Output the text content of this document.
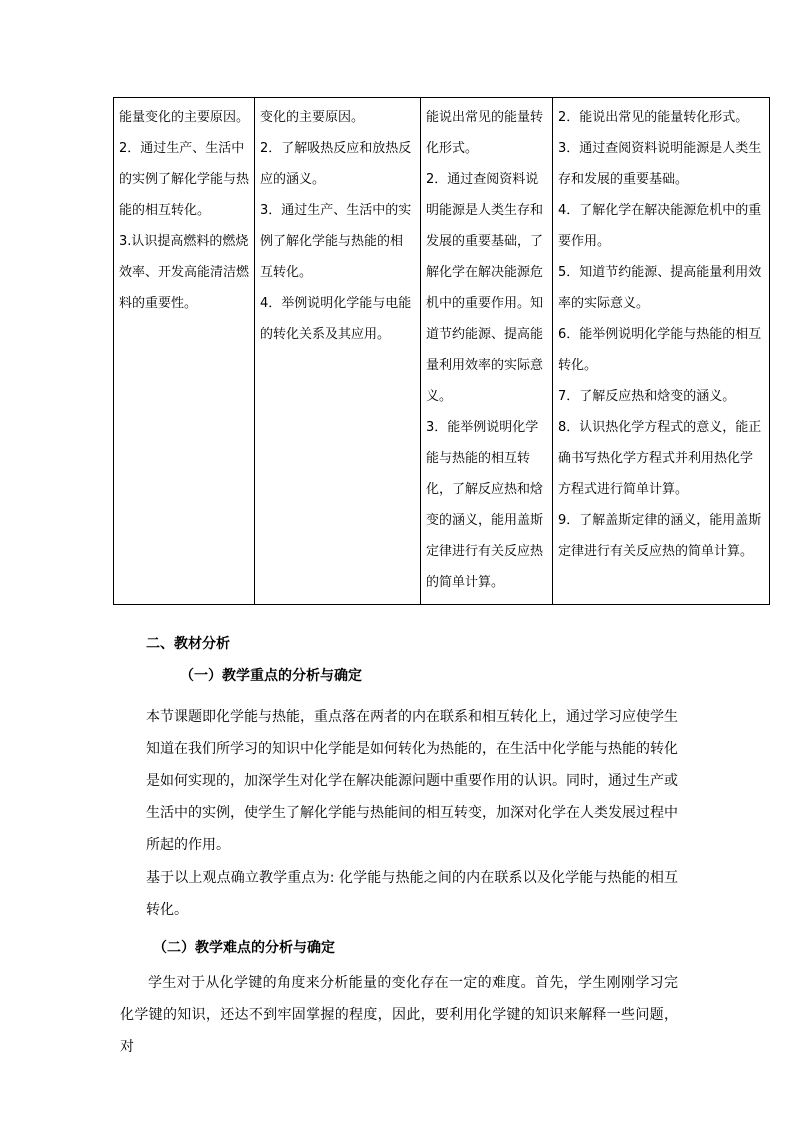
能量变化的主要原因。
2．通过生产、生活中的实例了解化学能与热能的相互转化。
3.认识提高燃料的燃烧效率、开发高能清洁燃料的重要性。

变化的主要原因。
2．了解吸热反应和放热反应的涵义。
3．通过生产、生活中的实例了解化学能与热能的相互转化。
4．举例说明化学能与电能的转化关系及其应用。

能说出常见的能量转化形式。
2．通过查阅资料说明能源是人类生存和发展的重要基础，了解化学在解决能源危机中的重要作用。知道节约能源、提高能量利用效率的实际意义。
3．能举例说明化学能与热能的相互转化，了解反应热和焓变的涵义，能用盖斯定律进行有关反应热的简单计算。

2．能说出常见的能量转化形式。
3．通过查阅资料说明能源是人类生存和发展的重要基础。
4．了解化学在解决能源危机中的重要作用。
5．知道节约能源、提高能量利用效率的实际意义。
6．能举例说明化学能与热能的相互转化。
7．了解反应热和焓变的涵义。
8．认识热化学方程式的意义，能正确书写热化学方程式并利用热化学方程式进行简单计算。
9．了解盖斯定律的涵义，能用盖斯定律进行有关反应热的简单计算。
二、教材分析
（一）教学重点的分析与确定
本节课题即化学能与热能，重点落在两者的内在联系和相互转化上，通过学习应使学生知道在我们所学习的知识中化学能是如何转化为热能的，在生活中化学能与热能的转化是如何实现的，加深学生对化学在解决能源问题中重要作用的认识。同时，通过生产或生活中的实例，使学生了解化学能与热能间的相互转变，加深对化学在人类发展过程中所起的作用。
基于以上观点确立教学重点为: 化学能与热能之间的内在联系以及化学能与热能的相互转化。
（二）教学难点的分析与确定
学生对于从化学键的角度来分析能量的变化存在一定的难度。首先，学生刚刚学习完化学键的知识，还达不到牢固掌握的程度，因此，要利用化学键的知识来解释一些问题，对
